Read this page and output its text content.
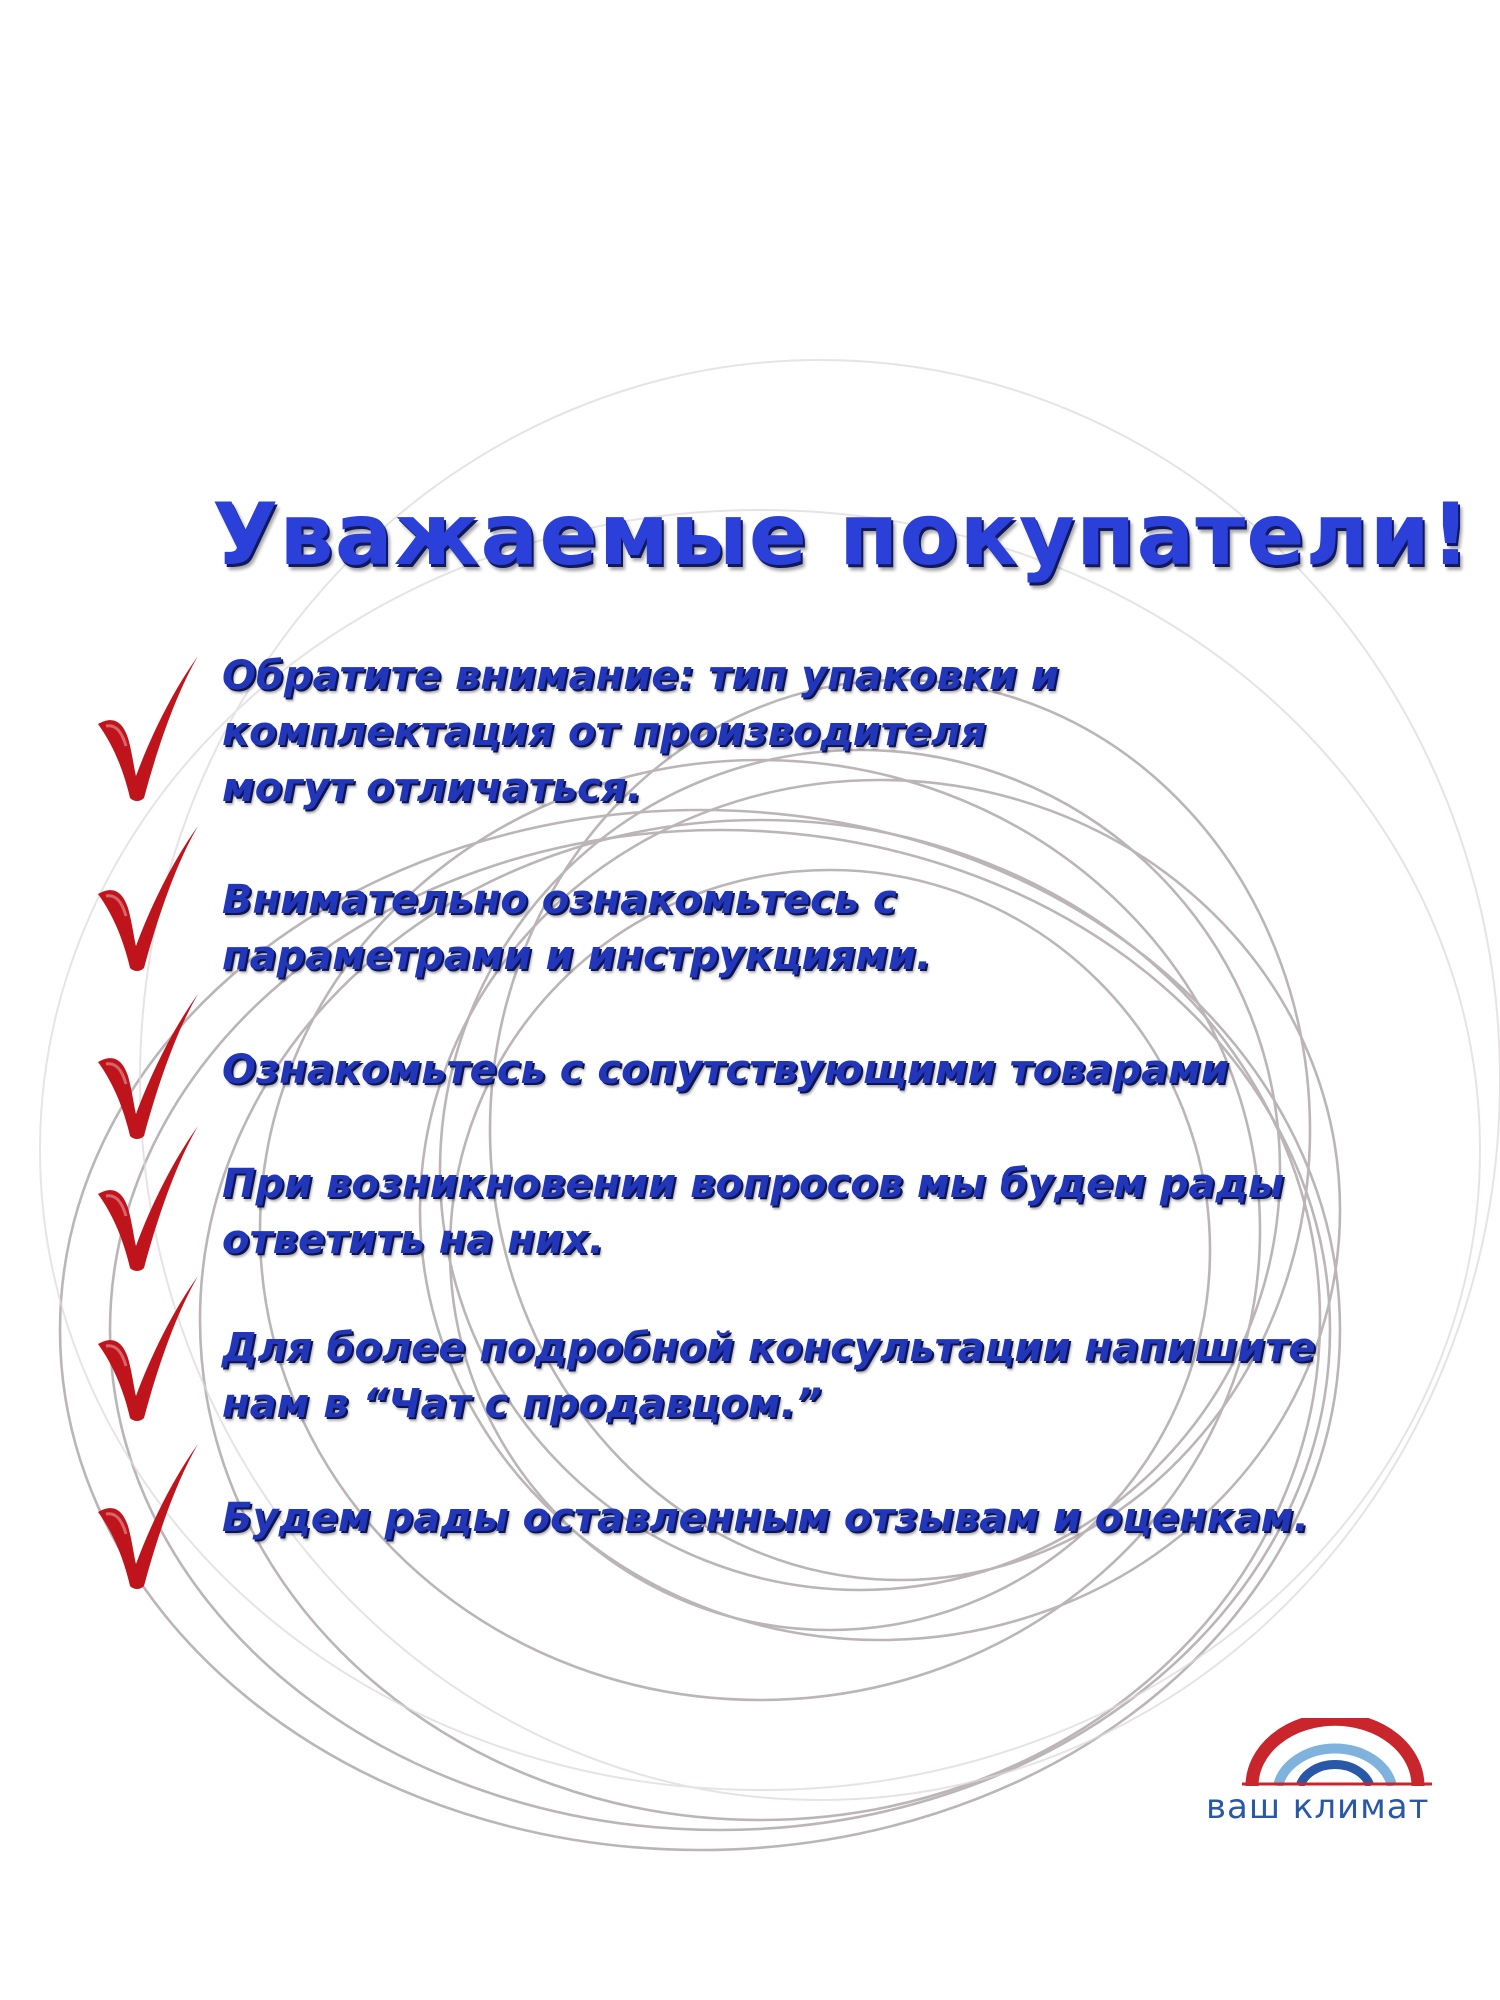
Уважаемые покупатели!

Обратите внимание: тип упаковки и
комплектация от производителя
могут отличаться.

Внимательно ознакомьтесь с
параметрами и инструкциями.

Ознакомьтесь с сопутствующими товарами

При возникновении вопросов мы будем рады
ответить на них.

Для более подробной консультации напишите
нам в “Чат с продавцом.”

Будем рады оставленным отзывам и оценкам.

ваш климат
